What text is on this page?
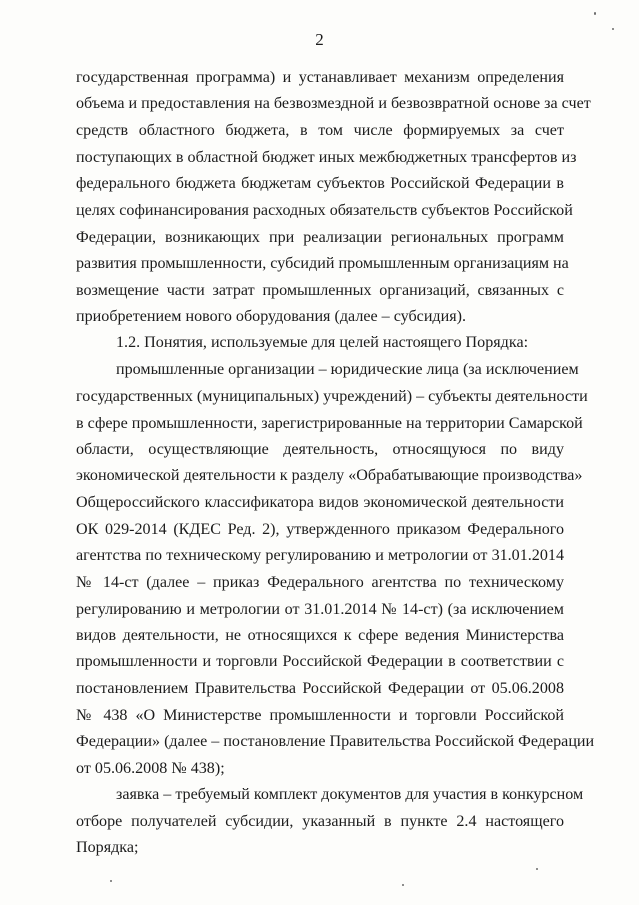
2
государственная программа) и устанавливает механизм определения
объема и предоставления на безвозмездной и безвозвратной основе за счет
средств областного бюджета, в том числе формируемых за счет
поступающих в областной бюджет иных межбюджетных трансфертов из
федерального бюджета бюджетам субъектов Российской Федерации в
целях софинансирования расходных обязательств субъектов Российской
Федерации, возникающих при реализации региональных программ
развития промышленности, субсидий промышленным организациям на
возмещение части затрат промышленных организаций, связанных с
приобретением нового оборудования (далее – субсидия).
1.2. Понятия, используемые для целей настоящего Порядка:
промышленные организации – юридические лица (за исключением
государственных (муниципальных) учреждений) – субъекты деятельности
в сфере промышленности, зарегистрированные на территории Самарской
области, осуществляющие деятельность, относящуюся по виду
экономической деятельности к разделу «Обрабатывающие производства»
Общероссийского классификатора видов экономической деятельности
ОК 029-2014 (КДЕС Ред. 2), утвержденного приказом Федерального
агентства по техническому регулированию и метрологии от 31.01.2014
№ 14-ст (далее – приказ Федерального агентства по техническому
регулированию и метрологии от 31.01.2014 № 14-ст) (за исключением
видов деятельности, не относящихся к сфере ведения Министерства
промышленности и торговли Российской Федерации в соответствии с
постановлением Правительства Российской Федерации от 05.06.2008
№ 438 «О Министерстве промышленности и торговли Российской
Федерации» (далее – постановление Правительства Российской Федерации
от 05.06.2008 № 438);
заявка – требуемый комплект документов для участия в конкурсном
отборе получателей субсидии, указанный в пункте 2.4 настоящего
Порядка;
